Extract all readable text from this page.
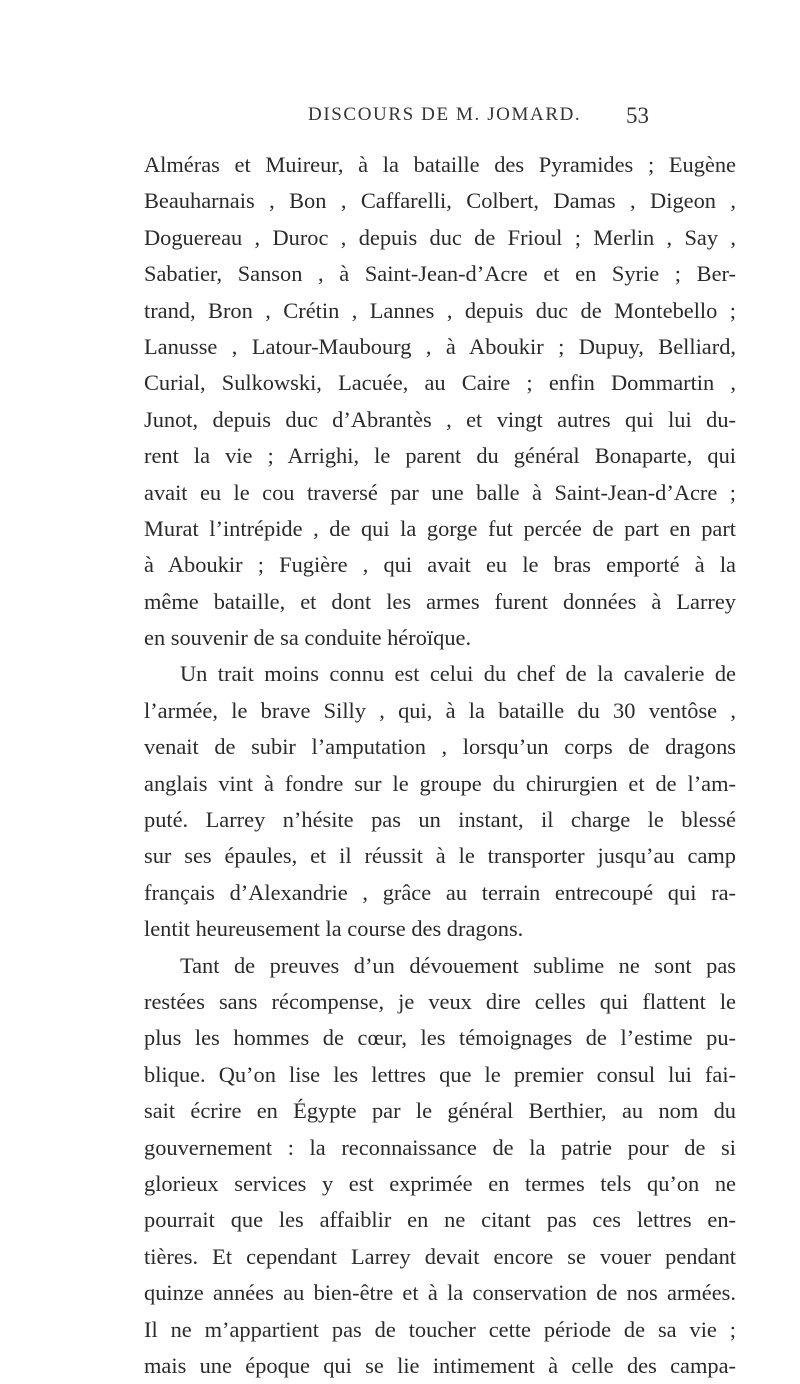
DISCOURS DE M. JOMARD. 53
Alméras et Muireur, à la bataille des Pyramides ; Eugène
Beauharnais , Bon , Caffarelli, Colbert, Damas , Digeon ,
Doguereau , Duroc , depuis duc de Frioul ; Merlin , Say ,
Sabatier, Sanson , à Saint-Jean-d’Acre et en Syrie ; Ber-
trand, Bron , Crétin , Lannes , depuis duc de Montebello ;
Lanusse , Latour-Maubourg , à Aboukir ; Dupuy, Belliard,
Curial, Sulkowski, Lacuée, au Caire ; enfin Dommartin ,
Junot, depuis duc d’Abrantès , et vingt autres qui lui du-
rent la vie ; Arrighi, le parent du général Bonaparte, qui
avait eu le cou traversé par une balle à Saint-Jean-d’Acre ;
Murat l’intrépide , de qui la gorge fut percée de part en part
à Aboukir ; Fugière , qui avait eu le bras emporté à la
même bataille, et dont les armes furent données à Larrey
en souvenir de sa conduite héroïque.
Un trait moins connu est celui du chef de la cavalerie de
l’armée, le brave Silly , qui, à la bataille du 30 ventôse ,
venait de subir l’amputation , lorsqu’un corps de dragons
anglais vint à fondre sur le groupe du chirurgien et de l’am-
puté. Larrey n’hésite pas un instant, il charge le blessé
sur ses épaules, et il réussit à le transporter jusqu’au camp
français d’Alexandrie , grâce au terrain entrecoupé qui ra-
lentit heureusement la course des dragons.
Tant de preuves d’un dévouement sublime ne sont pas
restées sans récompense, je veux dire celles qui flattent le
plus les hommes de cœur, les témoignages de l’estime pu-
blique. Qu’on lise les lettres que le premier consul lui fai-
sait écrire en Égypte par le général Berthier, au nom du
gouvernement : la reconnaissance de la patrie pour de si
glorieux services y est exprimée en termes tels qu’on ne
pourrait que les affaiblir en ne citant pas ces lettres en-
tières. Et cependant Larrey devait encore se vouer pendant
quinze années au bien-être et à la conservation de nos armées.
Il ne m’appartient pas de toucher cette période de sa vie ;
mais une époque qui se lie intimement à celle des campa-
